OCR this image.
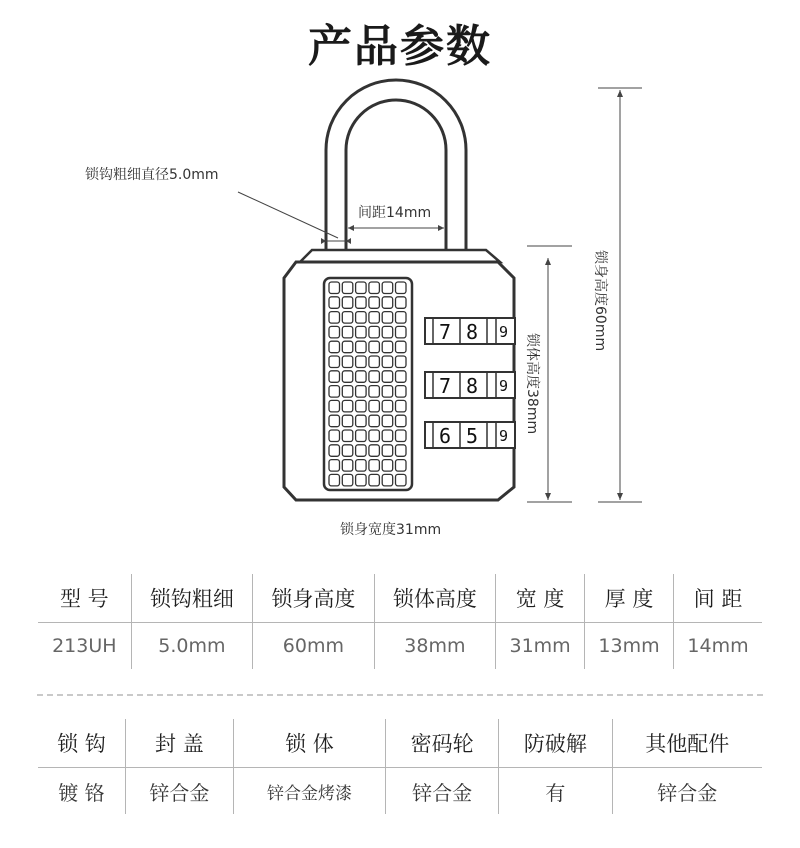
产品参数
7 8 9
7 8 9
6 5 9
锁钩粗细直径5.0mm
间距14mm
锁身高度60mm
锁体高度38mm
锁身宽度31mm
型 号	锁钩粗细	锁身高度	锁体高度	宽 度	厚 度	间 距
213UH	5.0mm	60mm	38mm	31mm	13mm	14mm
锁 钩	封 盖	锁 体	密码轮	防破解	其他配件
镀 铬	锌合金	锌合金烤漆	锌合金	有	锌合金
